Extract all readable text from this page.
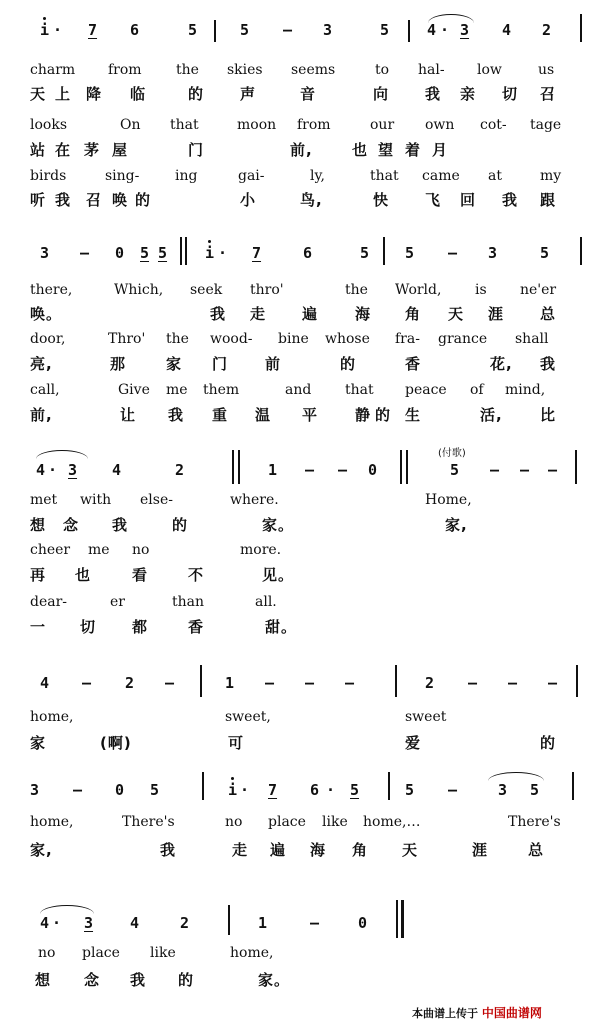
i · 7 6	5	5 – 3	5	4 · 3 4 2
charm from the skies seems	to hal- low	us
天 上 降 临	的 声	音	向 我 亲 切 召
looks	On that	moon from	our own cot- tage
站 在 茅 屋	门	前,	也 望 着 月
birds	sing-	ing	gai-	ly,	that came at	my
听 我 召 唤 的	小	鸟,	快 飞 回 我 跟
3 – 0 5 5	i · 7	6	5 5 – 3	5
there,	Which, seek thro'	the World, is ne'er
唤。	我 走 遍 海 角 天 涯 总
door,	Thro' the wood- bine whose fra- grance shall
亮,	那	家 门 前	的	香	花, 我
call,	Give me them	and that peace of mind,
前,	让 我 重 温 平 静 的 生	活, 比
(付歌)
4 · 3 4	2	1 – – 0	5 – – –
met with else-	where.	Home,
想 念 我	的	家。	家,
cheer me no	more.
再 也	看	不	见。
dear-	er	than	all.
一 切 都	香	甜。
4 – 2 –	1 – – –	2 – – –
home,	sweet,	sweet
家	(啊)	可	爱	的
3 – 0 5	i · 7 6 · 5	5 –	3 5
home,	There's	no place like home,…	There's
家,	我	走 遍 海 角 天	涯	总
4 · 3 4	2	1	–	0
no place like	home,
想 念 我 的	家。
本曲谱上传于 中国曲谱网
